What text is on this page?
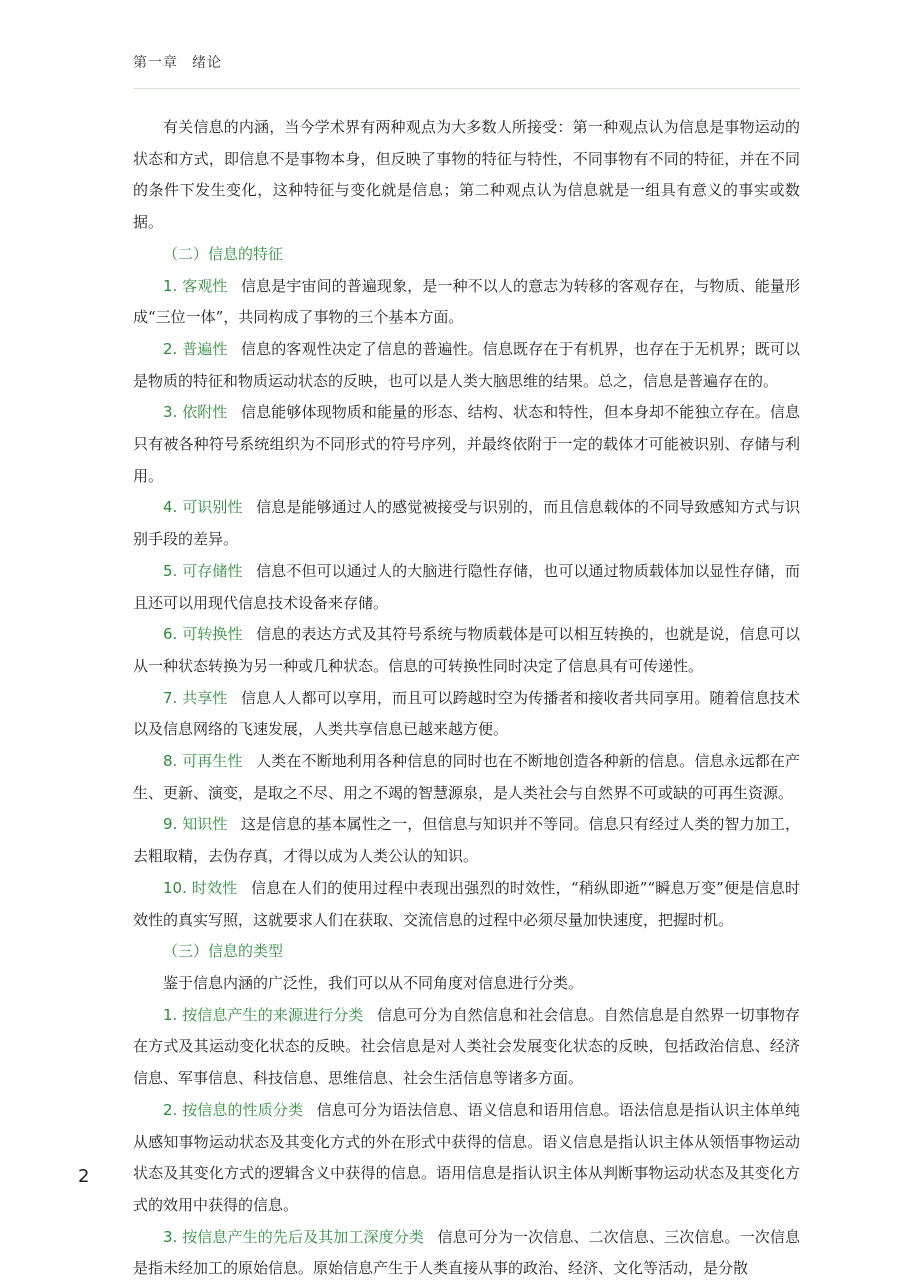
第一章 绪论

有关信息的内涵，当今学术界有两种观点为大多数人所接受：第一种观点认为信息是事物运动的状态和方式，即信息不是事物本身，但反映了事物的特征与特性，不同事物有不同的特征，并在不同的条件下发生变化，这种特征与变化就是信息；第二种观点认为信息就是一组具有意义的事实或数据。

（二）信息的特征

1. 客观性 信息是宇宙间的普遍现象，是一种不以人的意志为转移的客观存在，与物质、能量形成“三位一体”，共同构成了事物的三个基本方面。

2. 普遍性 信息的客观性决定了信息的普遍性。信息既存在于有机界，也存在于无机界；既可以是物质的特征和物质运动状态的反映，也可以是人类大脑思维的结果。总之，信息是普遍存在的。

3. 依附性 信息能够体现物质和能量的形态、结构、状态和特性，但本身却不能独立存在。信息只有被各种符号系统组织为不同形式的符号序列，并最终依附于一定的载体才可能被识别、存储与利用。

4. 可识别性 信息是能够通过人的感觉被接受与识别的，而且信息载体的不同导致感知方式与识别手段的差异。

5. 可存储性 信息不但可以通过人的大脑进行隐性存储，也可以通过物质载体加以显性存储，而且还可以用现代信息技术设备来存储。

6. 可转换性 信息的表达方式及其符号系统与物质载体是可以相互转换的，也就是说，信息可以从一种状态转换为另一种或几种状态。信息的可转换性同时决定了信息具有可传递性。

7. 共享性 信息人人都可以享用，而且可以跨越时空为传播者和接收者共同享用。随着信息技术以及信息网络的飞速发展，人类共享信息已越来越方便。

8. 可再生性 人类在不断地利用各种信息的同时也在不断地创造各种新的信息。信息永远都在产生、更新、演变，是取之不尽、用之不竭的智慧源泉，是人类社会与自然界不可或缺的可再生资源。

9. 知识性 这是信息的基本属性之一，但信息与知识并不等同。信息只有经过人类的智力加工，去粗取精，去伪存真，才得以成为人类公认的知识。

10. 时效性 信息在人们的使用过程中表现出强烈的时效性，“稍纵即逝”“瞬息万变”便是信息时效性的真实写照，这就要求人们在获取、交流信息的过程中必须尽量加快速度，把握时机。

（三）信息的类型

鉴于信息内涵的广泛性，我们可以从不同角度对信息进行分类。

1. 按信息产生的来源进行分类 信息可分为自然信息和社会信息。自然信息是自然界一切事物存在方式及其运动变化状态的反映。社会信息是对人类社会发展变化状态的反映，包括政治信息、经济信息、军事信息、科技信息、思维信息、社会生活信息等诸多方面。

2. 按信息的性质分类 信息可分为语法信息、语义信息和语用信息。语法信息是指认识主体单纯从感知事物运动状态及其变化方式的外在形式中获得的信息。语义信息是指认识主体从领悟事物运动状态及其变化方式的逻辑含义中获得的信息。语用信息是指认识主体从判断事物运动状态及其变化方式的效用中获得的信息。

3. 按信息产生的先后及其加工深度分类 信息可分为一次信息、二次信息、三次信息。一次信息是指未经加工的原始信息。原始信息产生于人类直接从事的政治、经济、文化等活动，是分散

2
